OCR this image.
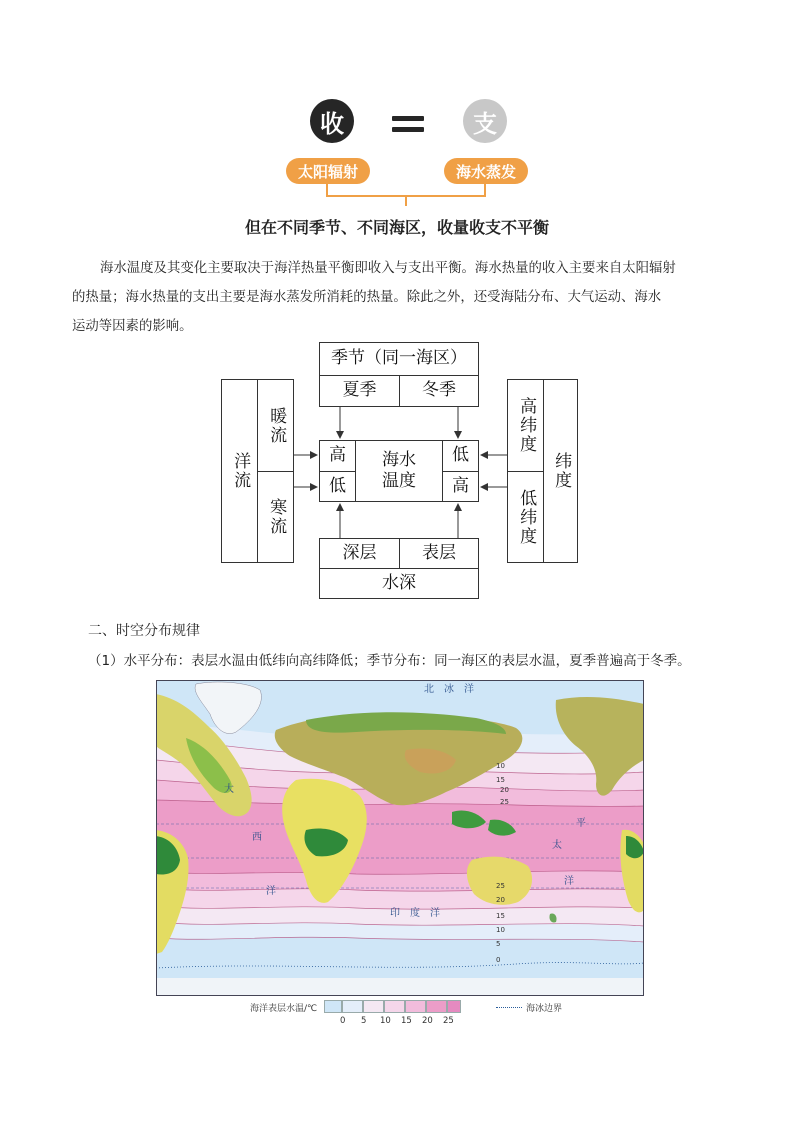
收	支
太阳辐射	海水蒸发
但在不同季节、不同海区，收量收支不平衡
海水温度及其变化主要取决于海洋热量平衡即收入与支出平衡。海水热量的收入主要来自太阳辐射
的热量；海水热量的支出主要是海水蒸发所消耗的热量。除此之外，还受海陆分布、大气运动、海水
运动等因素的影响。
季节（同一海区）
夏季	冬季
洋流
暖流
寒流
高
低
海水温度
低
高
高纬度
低纬度
纬度
深层	表层
水深
二、时空分布规律
（1）水平分布：表层水温由低纬向高纬降低；季节分布：同一海区的表层水温，夏季普遍高于冬季。
北　冰　洋
大
西
洋
平
太
洋
印　度　洋
10
15
20
25
25
20
15
10
5
0
海洋表层水温/℃
0 5 10 15 20 25
海冰边界
